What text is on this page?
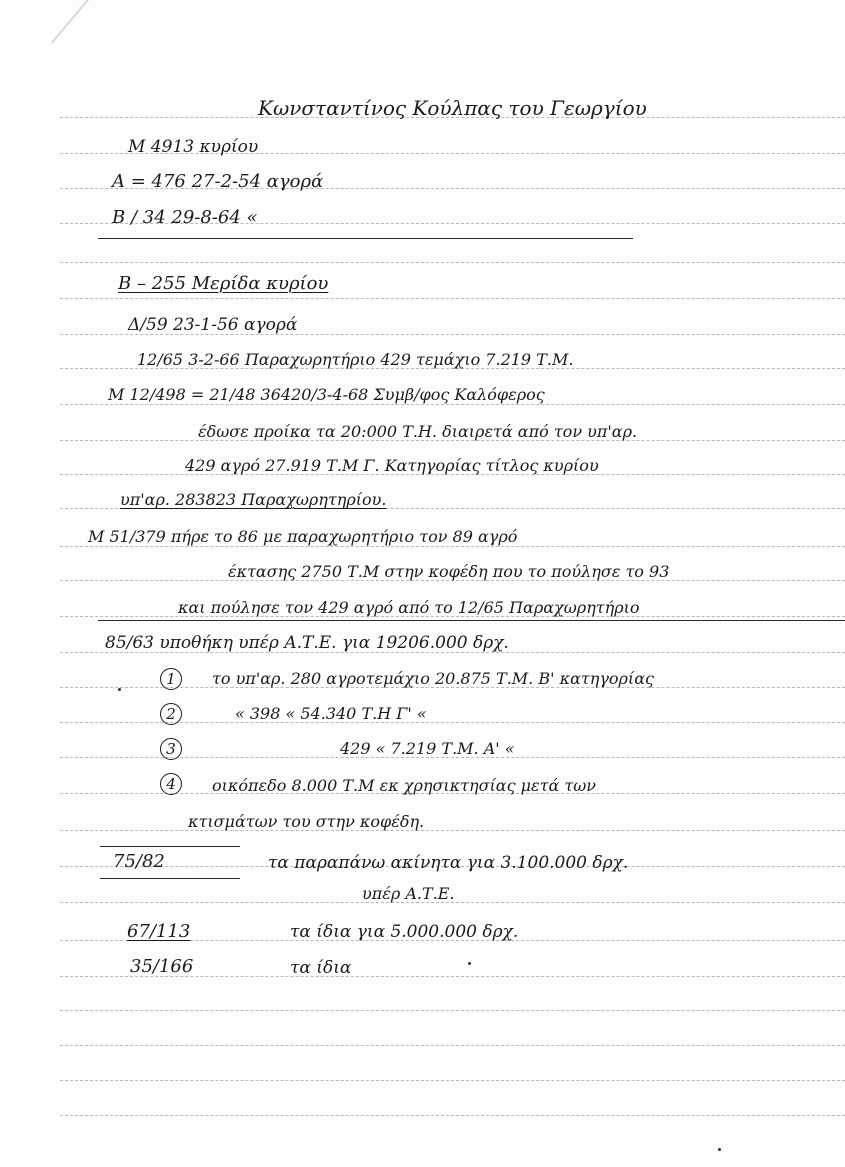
Κωνσταντίνος Κούλπας του Γεωργίου
Μ 4913 κυρίου
Α = 476 27-2-54 αγορά
Β / 34 29-8-64 «
Β – 255 Μερίδα κυρίου
Δ/59 23-1-56 αγορά
12/65 3-2-66 Παραχωρητήριο 429 τεμάχιο 7.219 Τ.Μ.
Μ 12/498 = 21/48 36420/3-4-68 Συμβ/φος Καλόφερος
έδωσε προίκα τα 20:000 Τ.Η. διαιρετά από τον υπ'αρ.
429 αγρό 27.919 Τ.Μ Γ. Κατηγορίας τίτλος κυρίου
υπ'αρ. 283823 Παραχωρητηρίου.
Μ 51/379 πήρε το 86 με παραχωρητήριο τον 89 αγρό
έκτασης 2750 Τ.Μ στην κοφέδη που το πούλησε το 93
και πούλησε τον 429 αγρό από το 12/65 Παραχωρητήριο
85/63 υποθήκη υπέρ Α.Τ.Ε. για 19206.000 δρχ.
1	το υπ'αρ. 280 αγροτεμάχιο 20.875 Τ.Μ. Β' κατηγορίας
2	« 398 « 54.340 Τ.Η Γ' «
3	429 « 7.219 Τ.Μ. Α' «
4	οικόπεδο 8.000 Τ.Μ εκ χρησικτησίας μετά των
κτισμάτων του στην κοφέδη.
75/82	τα παραπάνω ακίνητα για 3.100.000 δρχ.
υπέρ Α.Τ.Ε.
67/113	τα ίδια για 5.000.000 δρχ.
35/166	τα ίδια
